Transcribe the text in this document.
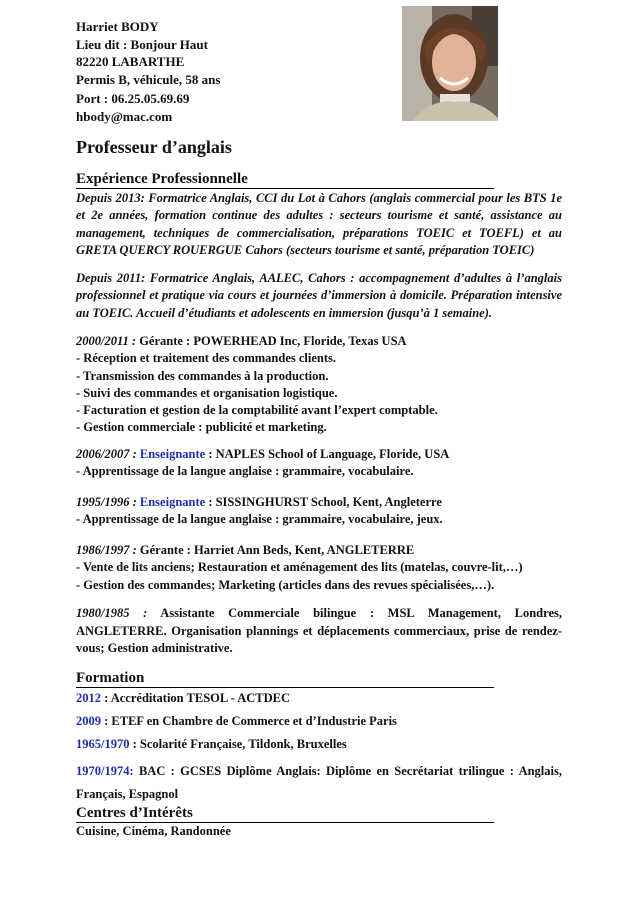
Harriet BODY
Lieu dit : Bonjour Haut
82220 LABARTHE
Permis B, véhicule, 58 ans
Port : 06.25.05.69.69
hbody@mac.com
Professeur d’anglais
Expérience Professionnelle
Depuis 2013: Formatrice Anglais, CCI du Lot à Cahors (anglais commercial pour les BTS 1e et 2e années, formation continue des adultes : secteurs tourisme et santé, assistance au management, techniques de commercialisation, préparations TOEIC et TOEFL) et au GRETA QUERCY ROUERGUE Cahors (secteurs tourisme et santé, préparation TOEIC)
Depuis 2011: Formatrice Anglais, AALEC, Cahors : accompagnement d’adultes à l’anglais professionnel et pratique via cours et journées d’immersion à domicile. Préparation intensive au TOEIC. Accueil d’étudiants et adolescents en immersion (jusqu’à 1 semaine).
2000/2011 : Gérante : POWERHEAD Inc, Floride, Texas USA
- Réception et traitement des commandes clients.
- Transmission des commandes à la production.
- Suivi des commandes et organisation logistique.
- Facturation et gestion de la comptabilité avant l’expert comptable.
- Gestion commerciale : publicité et marketing.
2006/2007 : Enseignante : NAPLES School of Language, Floride, USA
- Apprentissage de la langue anglaise : grammaire, vocabulaire.
1995/1996 : Enseignante : SISSINGHURST School, Kent, Angleterre
- Apprentissage de la langue anglaise : grammaire, vocabulaire, jeux.
1986/1997 : Gérante : Harriet Ann Beds, Kent, ANGLETERRE
- Vente de lits anciens; Restauration et aménagement des lits (matelas, couvre-lit,…)
- Gestion des commandes; Marketing (articles dans des revues spécialisées,…).
1980/1985 : Assistante Commerciale bilingue : MSL Management, Londres, ANGLETERRE. Organisation plannings et déplacements commerciaux, prise de rendez-vous; Gestion administrative.
Formation
2012 : Accréditation TESOL - ACTDEC
2009 : ETEF en Chambre de Commerce et d’Industrie Paris
1965/1970 : Scolarité Française, Tildonk, Bruxelles
1970/1974: BAC : GCSES Diplôme Anglais: Diplôme en Secrétariat trilingue : Anglais, Français, Espagnol
Centres d’Intérêts
Cuisine, Cinéma, Randonnée
